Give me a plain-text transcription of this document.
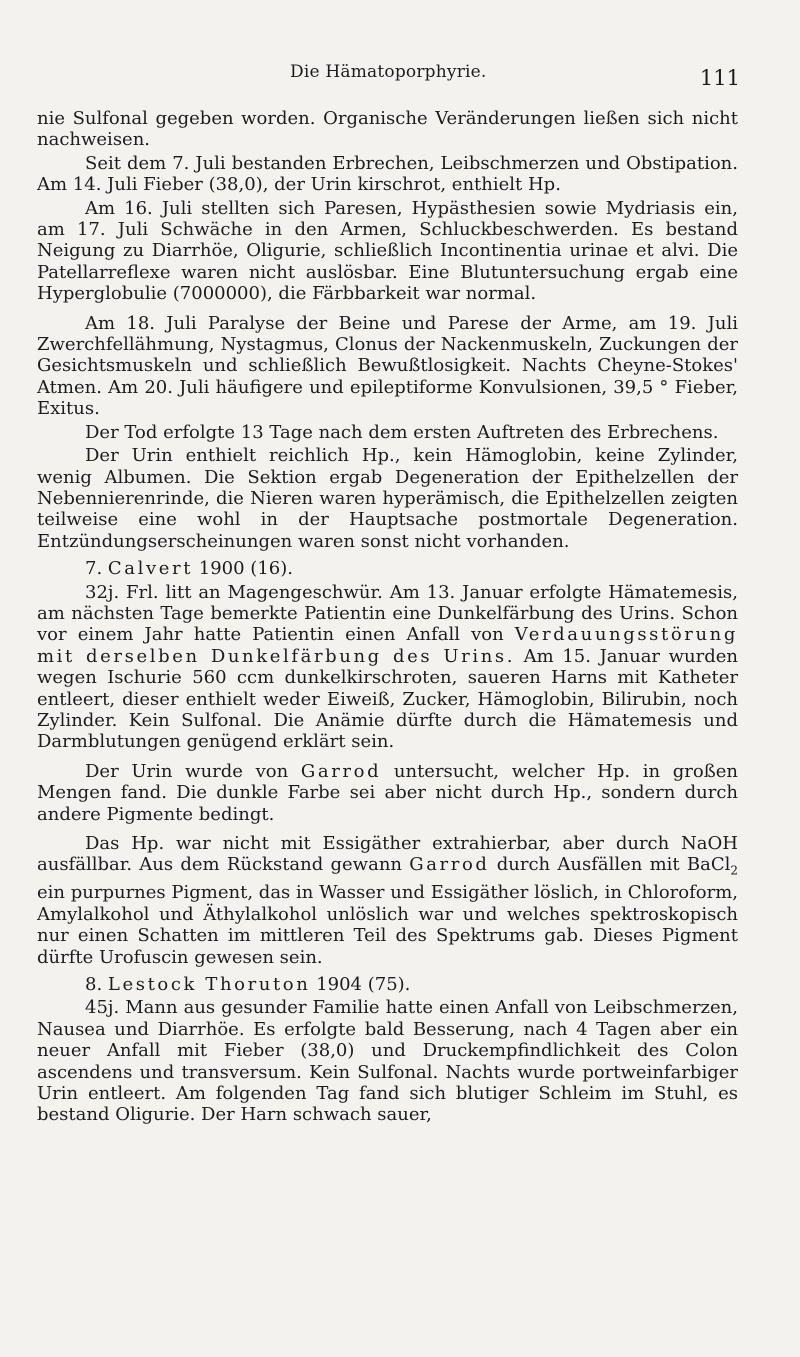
Die Hämatoporphyrie.	111

nie Sulfonal gegeben worden. Organische Veränderungen ließen sich nicht nachweisen.

Seit dem 7. Juli bestanden Erbrechen, Leibschmerzen und Obstipation. Am 14. Juli Fieber (38,0), der Urin kirschrot, enthielt Hp.

Am 16. Juli stellten sich Paresen, Hypästhesien sowie Mydriasis ein, am 17. Juli Schwäche in den Armen, Schluckbeschwerden. Es bestand Neigung zu Diarrhöe, Oligurie, schließlich Incontinentia urinae et alvi. Die Patellarreflexe waren nicht auslösbar. Eine Blutuntersuchung ergab eine Hyperglobulie (7000000), die Färbbarkeit war normal.

Am 18. Juli Paralyse der Beine und Parese der Arme, am 19. Juli Zwerchfellähmung, Nystagmus, Clonus der Nackenmuskeln, Zuckungen der Gesichtsmuskeln und schließlich Bewußtlosigkeit. Nachts Cheyne-Stokes' Atmen. Am 20. Juli häufigere und epileptiforme Konvulsionen, 39,5 ° Fieber, Exitus.

Der Tod erfolgte 13 Tage nach dem ersten Auftreten des Erbrechens.

Der Urin enthielt reichlich Hp., kein Hämoglobin, keine Zylinder, wenig Albumen. Die Sektion ergab Degeneration der Epithelzellen der Nebennierenrinde, die Nieren waren hyperämisch, die Epithelzellen zeigten teilweise eine wohl in der Hauptsache postmortale Degeneration. Entzündungserscheinungen waren sonst nicht vorhanden.

7. Calvert 1900 (16).

32j. Frl. litt an Magengeschwür. Am 13. Januar erfolgte Hämatemesis, am nächsten Tage bemerkte Patientin eine Dunkelfärbung des Urins. Schon vor einem Jahr hatte Patientin einen Anfall von Verdauungsstörung mit derselben Dunkelfärbung des Urins. Am 15. Januar wurden wegen Ischurie 560 ccm dunkelkirschroten, saueren Harns mit Katheter entleert, dieser enthielt weder Eiweiß, Zucker, Hämoglobin, Bilirubin, noch Zylinder. Kein Sulfonal. Die Anämie dürfte durch die Hämatemesis und Darmblutungen genügend erklärt sein.

Der Urin wurde von Garrod untersucht, welcher Hp. in großen Mengen fand. Die dunkle Farbe sei aber nicht durch Hp., sondern durch andere Pigmente bedingt.

Das Hp. war nicht mit Essigäther extrahierbar, aber durch NaOH ausfällbar. Aus dem Rückstand gewann Garrod durch Ausfällen mit BaCl$_2$ ein purpurnes Pigment, das in Wasser und Essigäther löslich, in Chloroform, Amylalkohol und Äthylalkohol unlöslich war und welches spektroskopisch nur einen Schatten im mittleren Teil des Spektrums gab. Dieses Pigment dürfte Urofuscin gewesen sein.

8. Lestock Thoruton 1904 (75).

45j. Mann aus gesunder Familie hatte einen Anfall von Leibschmerzen, Nausea und Diarrhöe. Es erfolgte bald Besserung, nach 4 Tagen aber ein neuer Anfall mit Fieber (38,0) und Druckempfindlichkeit des Colon ascendens und transversum. Kein Sulfonal. Nachts wurde portweinfarbiger Urin entleert. Am folgenden Tag fand sich blutiger Schleim im Stuhl, es bestand Oligurie. Der Harn schwach sauer,
